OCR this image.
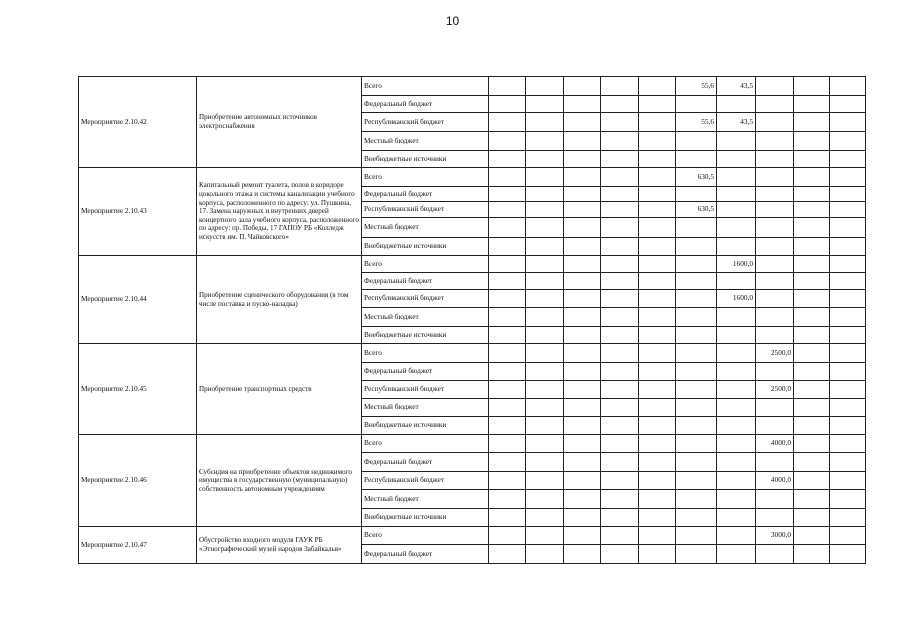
10
Мероприятие 2.10.42	Приобретение автономных источников электроснабжения	Всего						55,6	43,5			
		Федеральный бюджет										
		Республиканский бюджет						55,6	43,5			
		Местный бюджет										
		Внебюджетные источники										
Мероприятие 2.10.43	Капитальный ремонт туалета, полов в коридоре цокольного этажа и системы канализации учебного корпуса, расположенного по адресу: ул. Пушкина, 17. Замена наружных и внутренних дверей концертного зала учебного корпуса, расположенного по адресу: пр. Победы, 17 ГАПОУ РБ «Колледж искусств им. П. Чайковского»	Всего						630,5				
		Федеральный бюджет										
		Республиканский бюджет						630,5				
		Местный бюджет										
		Внебюджетные источники										
Мероприятие 2.10.44	Приобретение сценического оборудования (в том числе поставка и пуско-наладка)	Всего							1600,0			
		Федеральный бюджет										
		Республиканский бюджет							1600,0			
		Местный бюджет										
		Внебюджетные источники										
Мероприятие 2.10.45	Приобретение транспортных средств	Всего								2500,0		
		Федеральный бюджет										
		Республиканский бюджет								2500,0		
		Местный бюджет										
		Внебюджетные источники										
Мероприятие 2.10.46	Субсидия на приобретение объектов недвижимого имущества в государственную (муниципальную) собственность автономным учреждениям	Всего								4000,0		
		Федеральный бюджет										
		Республиканский бюджет								4000,0		
		Местный бюджет										
		Внебюджетные источники										
Мероприятие 2.10.47	Обустройство входного модуля ГАУК РБ «Этнографический музей народов Забайкалья»	Всего								3000,0		
		Федеральный бюджет										
